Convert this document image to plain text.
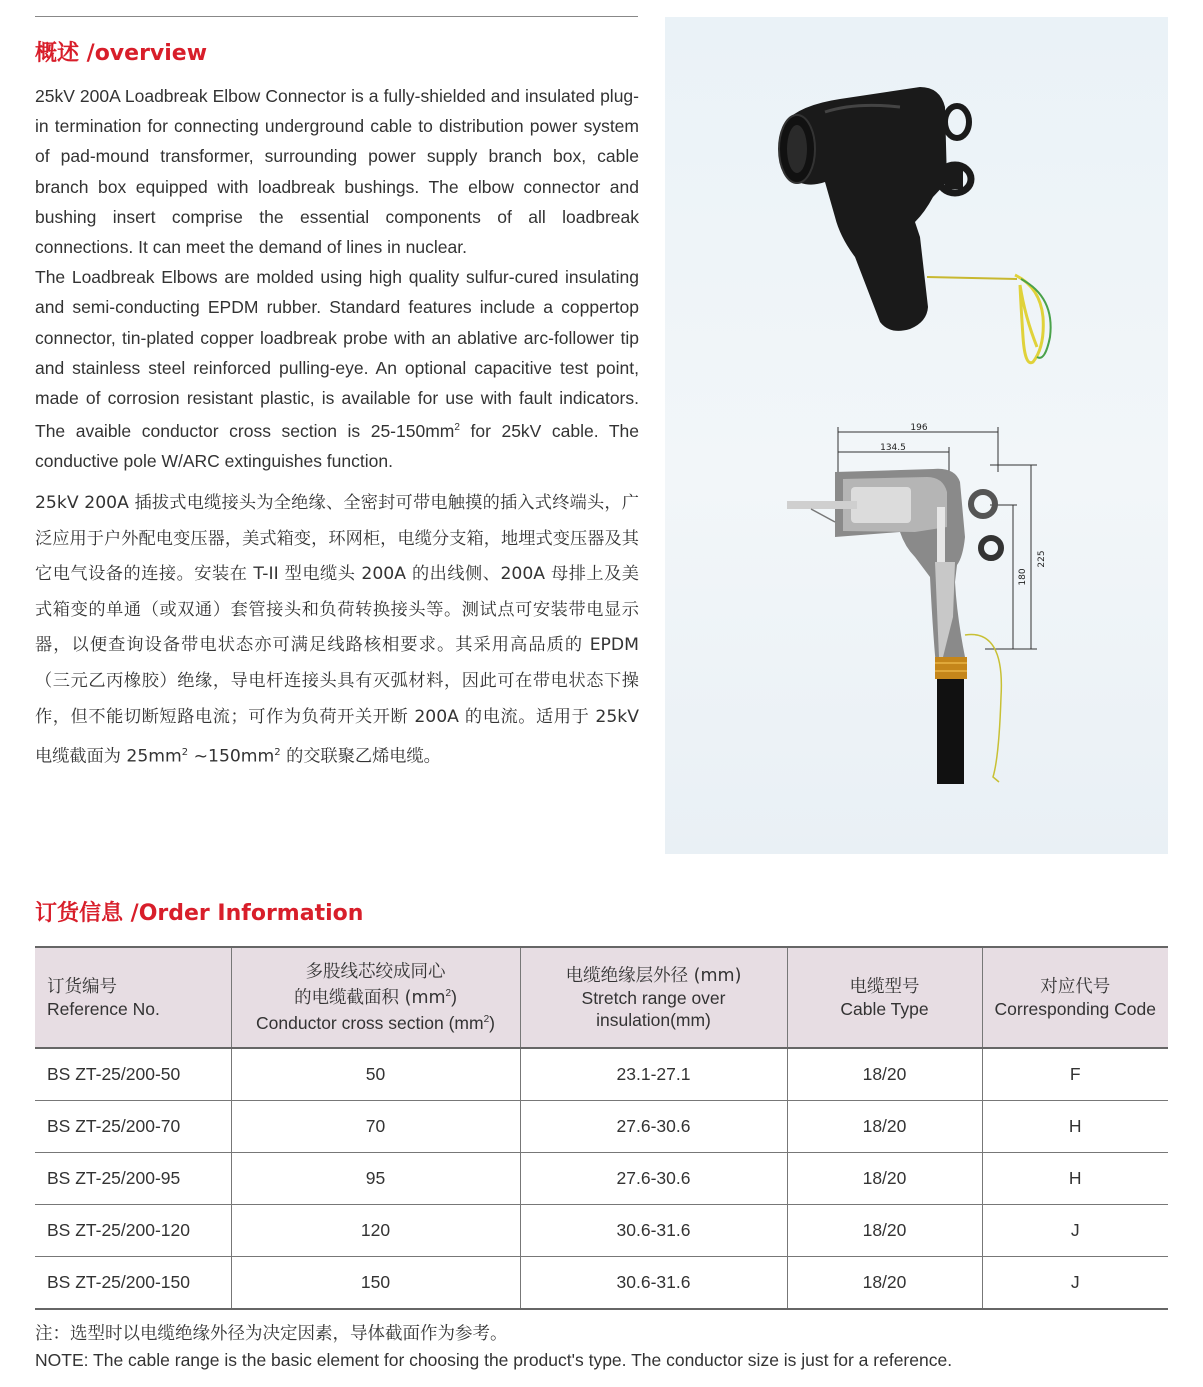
概述 /overview

25kV 200A Loadbreak Elbow Connector is a fully-shielded and insulated plug-in termination for connecting underground cable to distribution power system of pad-mound transformer, surrounding power supply branch box, cable branch box equipped with loadbreak bushings. The elbow connector and bushing insert comprise the essential components of all loadbreak connections. It can meet the demand of lines in nuclear.

The Loadbreak Elbows are molded using high quality sulfur-cured insulating and semi-conducting EPDM rubber. Standard features include a coppertop connector, tin-plated copper loadbreak probe with an ablative arc-follower tip and stainless steel reinforced pulling-eye. An optional capacitive test point, made of corrosion resistant plastic, is available for use with fault indicators. The avaible conductor cross section is $25-150mm^2$ for 25kV cable. The conductive pole W/ARC extinguishes function.

25kV 200A 插拔式电缆接头为全绝缘、全密封可带电触摸的插入式终端头，广泛应用于户外配电变压器，美式箱变，环网柜，电缆分支箱，地埋式变压器及其它电气设备的连接。安装在 T-II 型电缆头 200A 的出线侧、200A 母排上及美式箱变的单通（或双通）套管接头和负荷转换接头等。测试点可安装带电显示器，以便查询设备带电状态亦可满足线路核相要求。其采用高品质的 EPDM（三元乙丙橡胶）绝缘，导电杆连接头具有灭弧材料，因此可在带电状态下操作，但不能切断短路电流；可作为负荷开关开断 200A 的电流。适用于 25kV 电缆截面为 $25mm^2$ $\sim 150mm^2$ 的交联聚乙烯电缆。
196
134.5
225
180
订货信息 /Order Information
订货编号
Reference No.	多股线芯绞成同心
的电缆截面积 $(mm^2)$
Conductor cross section $(mm^2)$	电缆绝缘层外径 (mm)
Stretch range over
insulation(mm)	电缆型号
Cable Type	对应代号
Corresponding Code

BS ZT-25/200-50	50	23.1-27.1	18/20	F
BS ZT-25/200-70	70	27.6-30.6	18/20	H
BS ZT-25/200-95	95	27.6-30.6	18/20	H
BS ZT-25/200-120	120	30.6-31.6	18/20	J
BS ZT-25/200-150	150	30.6-31.6	18/20	J
注：选型时以电缆绝缘外径为决定因素，导体截面作为参考。
NOTE: The cable range is the basic element for choosing the product's type. The conductor size is just for a reference.
